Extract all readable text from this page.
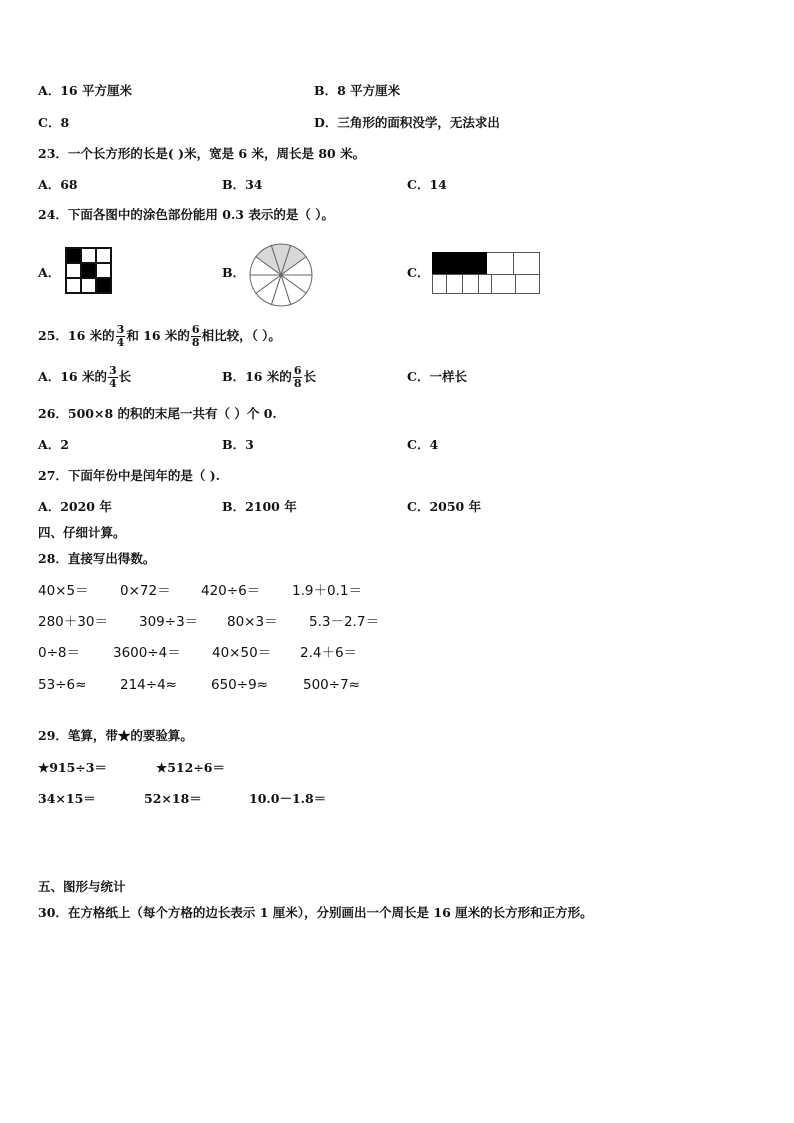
A．16 平方厘米	B．8 平方厘米
C．8	D．三角形的面积没学，无法求出
23．一个长方形的长是( )米，宽是 6 米，周长是 80 米。
A．68	B．34	C．14
24．下面各图中的涂色部份能用 0.3 表示的是（ ）。
A．	B．	C．
25．16 米的 $\frac{3}{4}$ 和 16 米的 $\frac{6}{8}$ 相比较，（ ）。
A．16 米的 $\frac{3}{4}$ 长	B．16 米的 $\frac{6}{8}$ 长	C．一样长
26．500×8 的积的末尾一共有（ ）个 0.
A．2	B．3	C．4
27．下面年份中是闰年的是（ ).
A．2020 年	B．2100 年	C．2050 年
四、仔细计算。
28．直接写出得数。
40×5＝ 0×72＝ 420÷6＝ 1.9＋0.1＝
280＋30＝ 309÷3＝ 80×3＝ 5.3－2.7＝
0÷8＝ 3600÷4＝ 40×50＝ 2.4＋6＝
53÷6≈ 214÷4≈	650÷9≈	500÷7≈
29．笔算，带★的要验算。
★915÷3＝	★512÷6＝
34×15＝	52×18＝	10.0－1.8＝
五、图形与统计
30．在方格纸上（每个方格的边长表示 1 厘米），分别画出一个周长是 16 厘米的长方形和正方形。
